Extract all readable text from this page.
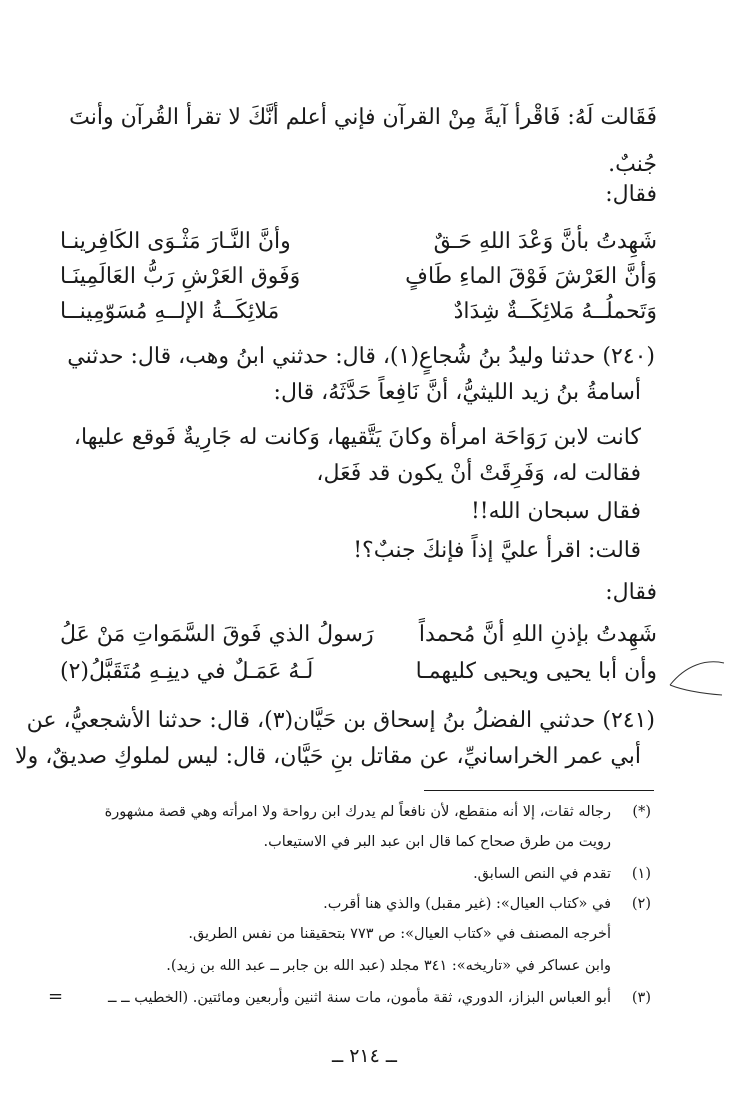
فَقَالت لَهُ: فَاقْرأ آيةً مِنْ القرآن فإني أعلم أنَّكَ لا تقرأ القُرآن وأنتَ
جُنبٌ.
فقال:
شَهِدتُ بأنَّ وَعْدَ اللهِ حَـقٌ
وأنَّ النَّـارَ مَثْـوَى الكَافِرينـا
وَأنَّ العَرْشَ فَوْقَ الماءِ طَافٍ
وَفَوق العَرْشِ رَبُّ العَالَمِينَـا
وَتَحملُــهُ مَلائِكَــةٌ شِدَادٌ
مَلائِكَــةُ الإلــهِ مُسَوّمِينــا
(٢٤٠) حدثنا وليدُ بنُ شُجاعٍ(١)، قال: حدثني ابنُ وهب، قال: حدثني
أسامةُ بنُ زيد الليثيُّ، أنَّ نَافِعاً حَدَّثَهُ، قال:
كانت لابن رَوَاحَة امرأة وكانَ يَتَّقيها، وَكانت له جَارِيةٌ فَوقع عليها،
فقالت له، وَفَرِقَتْ أنْ يكون قد فَعَل،
فقال سبحان الله!!
قالت: اقرأ عليَّ إذاً فإنكَ جنبٌ؟!
فقال:
شَهِدتُ بإذنِ اللهِ أنَّ مُحمداً
رَسولُ الذي فَوقَ السَّمَواتِ مَنْ عَلُ
وأن أبا يحيى ويحيى كليهمـا
لَـهُ عَمَـلٌ في دينِـهِ مُتَقَبَّلُ(٢)
(٢٤١) حدثني الفضلُ بنُ إسحاق بن حَيَّان(٣)، قال: حدثنا الأشجعيُّ، عن
أبي عمر الخراسانيِّ، عن مقاتل بنِ حَيَّان، قال: ليس لملوكِ صديقٌ، ولا
(*)
رجاله ثقات، إلا أنه منقطع، لأن نافعاً لم يدرك ابن رواحة ولا امرأته وهي قصة مشهورة
رويت من طرق صحاح كما قال ابن عبد البر في الاستيعاب.
(١)
تقدم في النص السابق.
(٢)
في «كتاب العيال»: (غير مقبل) والذي هنا أقرب.
أخرجه المصنف في «كتاب العيال»: ص ٧٧٣ بتحقيقنا من نفس الطريق.
وابن عساكر في «تاريخه»: ٣٤١ مجلد (عبد الله بن جابر ــ عبد الله بن زيد).
(٣)
أبو العباس البزاز، الدوري، ثقة مأمون، مات سنة اثنين وأربعين ومائتين. (الخطيب ــ ــ
=
ــ ٢١٤ ــ
